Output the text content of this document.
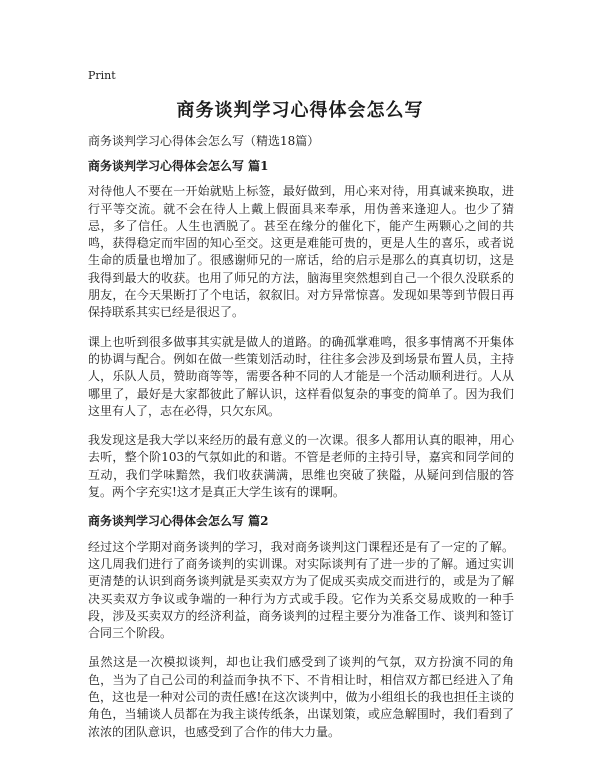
Print
商务谈判学习心得体会怎么写
商务谈判学习心得体会怎么写（精选18篇）
商务谈判学习心得体会怎么写 篇1

对待他人不要在一开始就贴上标签，最好做到，用心来对待，用真诚来换取，进行平等交流。就不会在待人上戴上假面具来奉承，用伪善来逢迎人。也少了猜忌，多了信任。人生也洒脱了。甚至在缘分的催化下，能产生两颗心之间的共鸣，获得稳定而牢固的知心至交。这更是难能可贵的，更是人生的喜乐，或者说生命的质量也增加了。很感谢师兄的一席话，给的启示是那么的真真切切，这是我得到最大的收获。也用了师兄的方法，脑海里突然想到自己一个很久没联系的朋友，在今天果断打了个电话，叙叙旧。对方异常惊喜。发现如果等到节假日再保持联系其实已经是很迟了。

课上也听到很多做事其实就是做人的道路。的确孤掌难鸣，很多事情离不开集体的协调与配合。例如在做一些策划活动时，往往多会涉及到场景布置人员，主持人，乐队人员，赞助商等等，需要各种不同的人才能是一个活动顺利进行。人从哪里了，最好是大家都彼此了解认识，这样看似复杂的事变的简单了。因为我们这里有人了，志在必得，只欠东风。

我发现这是我大学以来经历的最有意义的一次课。很多人都用认真的眼神，用心去听，整个阶103的气氛如此的和谐。不管是老师的主持引导，嘉宾和同学间的互动，我们学味黯然，我们收获满满，思维也突破了狭隘，从疑问到信服的答复。两个字充实!这才是真正大学生该有的课啊。

商务谈判学习心得体会怎么写 篇2

经过这个学期对商务谈判的学习，我对商务谈判这门课程还是有了一定的了解。这几周我们进行了商务谈判的实训课。对实际谈判有了进一步的了解。通过实训更清楚的认识到商务谈判就是买卖双方为了促成买卖成交而进行的，或是为了解决买卖双方争议或争端的一种行为方式或手段。它作为关系交易成败的一种手段，涉及买卖双方的经济利益，商务谈判的过程主要分为准备工作、谈判和签订合同三个阶段。

虽然这是一次模拟谈判，却也让我们感受到了谈判的气氛，双方扮演不同的角色，当为了自己公司的利益而争执不下、不肯相让时，相信双方都已经进入了角色，这也是一种对公司的责任感!在这次谈判中，做为小组组长的我也担任主谈的角色，当辅谈人员都在为我主谈传纸条，出谋划策，或应急解围时，我们看到了浓浓的团队意识，也感受到了合作的伟大力量。
